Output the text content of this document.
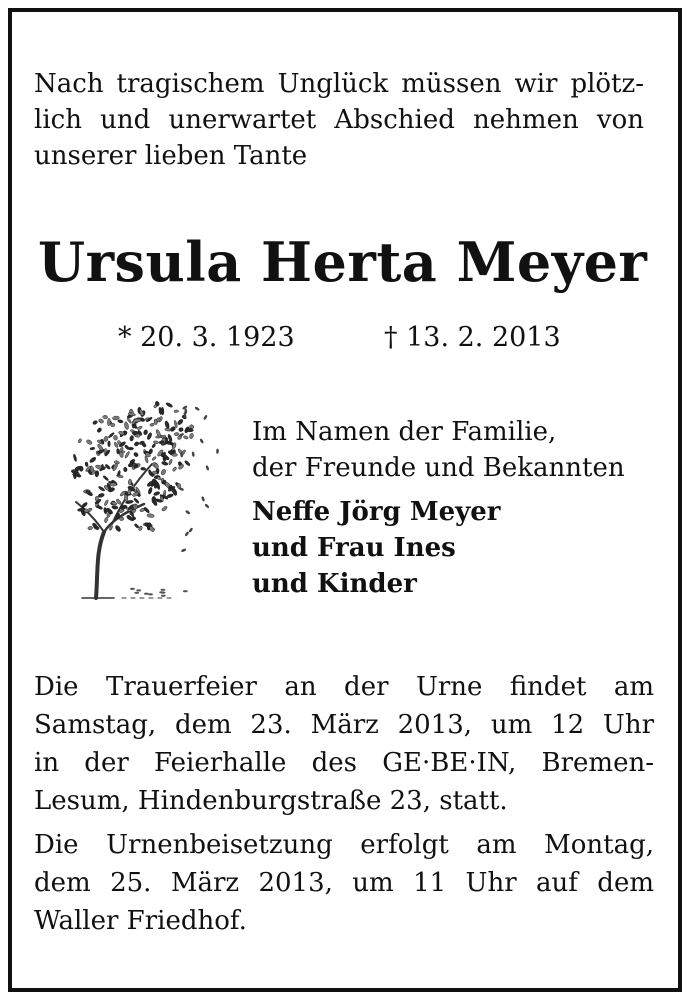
Nach tragischem Unglück müssen wir plötz-
lich und unerwartet Abschied nehmen von
unserer lieben Tante
Ursula Herta Meyer
* 20. 3. 1923	† 13. 2. 2013
Im Namen der Familie,
der Freunde und Bekannten
Neffe Jörg Meyer
und Frau Ines
und Kinder
Die Trauerfeier an der Urne findet am
Samstag, dem 23. März 2013, um 12 Uhr
in der Feierhalle des GE·BE·IN, Bremen-
Lesum, Hindenburgstraße 23, statt.
Die Urnenbeisetzung erfolgt am Montag,
dem 25. März 2013, um 11 Uhr auf dem
Waller Friedhof.
